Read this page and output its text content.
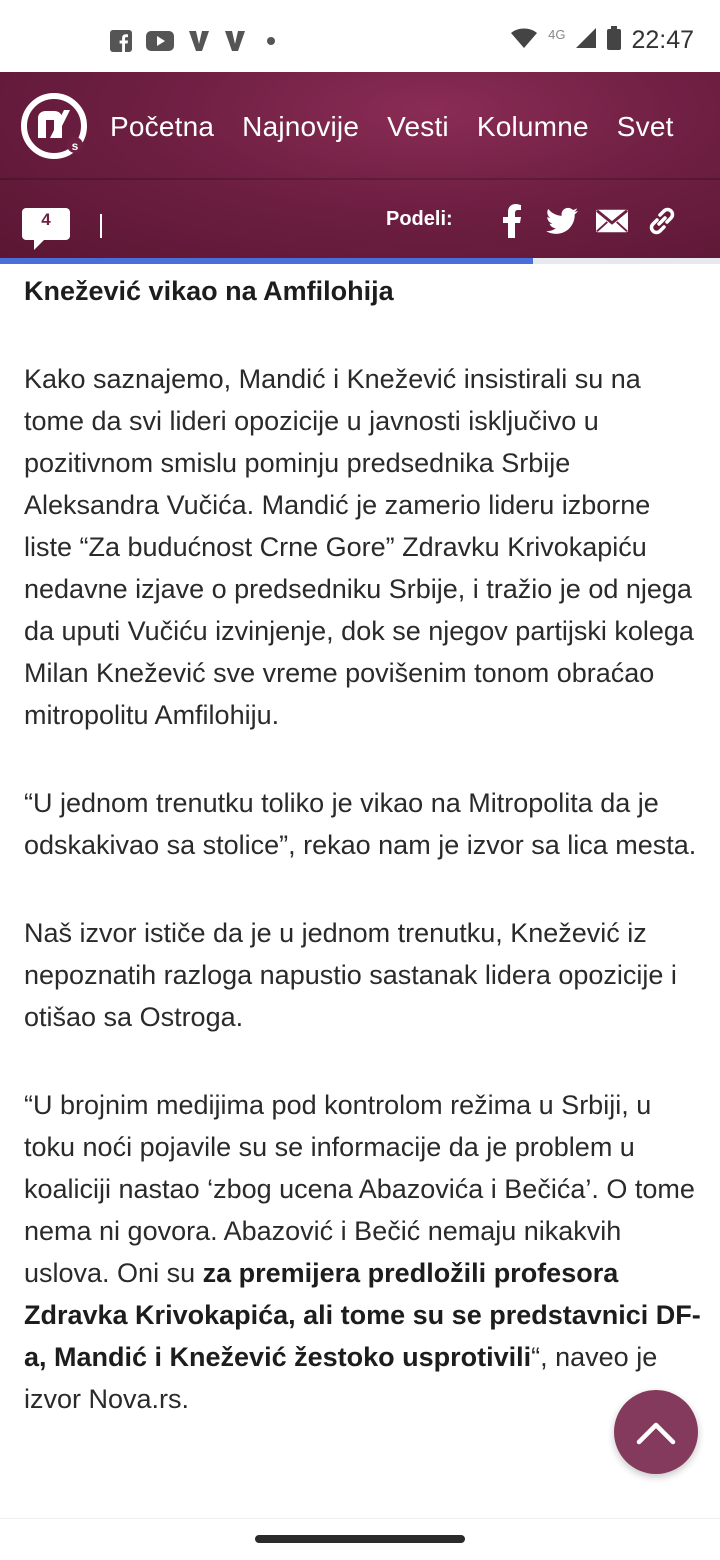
4G	22:47
s
Početna Najnovije Vesti Kolumne Svet
4	Podeli:
Knežević vikao na Amfilohija

Kako saznajemo, Mandić i Knežević insistirali su na tome da svi lideri opozicije u javnosti isključivo u pozitivnom smislu pominju predsednika Srbije Aleksandra Vučića. Mandić je zamerio lideru izborne liste “Za budućnost Crne Gore” Zdravku Krivokapiću nedavne izjave o predsedniku Srbije, i tražio je od njega da uputi Vučiću izvinjenje, dok se njegov partijski kolega Milan Knežević sve vreme povišenim tonom obraćao mitropolitu Amfilohiju.

“U jednom trenutku toliko je vikao na Mitropolita da je odskakivao sa stolice”, rekao nam je izvor sa lica mesta.

Naš izvor ističe da je u jednom trenutku, Knežević iz nepoznatih razloga napustio sastanak lidera opozicije i otišao sa Ostroga.

“U brojnim medijima pod kontrolom režima u Srbiji, u toku noći pojavile su se informacije da je problem u koaliciji nastao ‘zbog ucena Abazovića i Bečića’. O tome nema ni govora. Abazović i Bečić nemaju nikakvih uslova. Oni su za premijera predložili profesora Zdravka Krivokapića, ali tome su se predstavnici DF-a, Mandić i Knežević žestoko usprotivili“, naveo je izvor Nova.rs.
